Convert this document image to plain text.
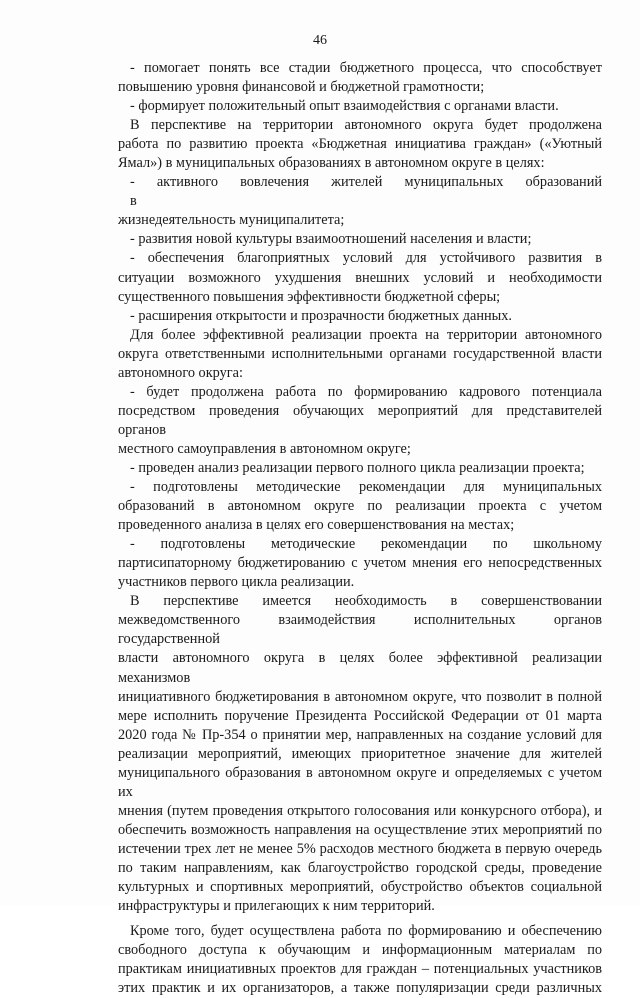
46
- помогает понять все стадии бюджетного процесса, что способствует
повышению уровня финансовой и бюджетной грамотности;
- формирует положительный опыт взаимодействия с органами власти.
В перспективе на территории автономного округа будет продолжена
работа по развитию проекта «Бюджетная инициатива граждан» («Уютный
Ямал») в муниципальных образованиях в автономном округе в целях:
- активного вовлечения жителей муниципальных образований в
жизнедеятельность муниципалитета;
- развития новой культуры взаимоотношений населения и власти;
- обеспечения благоприятных условий для устойчивого развития в
ситуации возможного ухудшения внешних условий и необходимости
существенного повышения эффективности бюджетной сферы;
- расширения открытости и прозрачности бюджетных данных.
Для более эффективной реализации проекта на территории автономного
округа ответственными исполнительными органами государственной власти
автономного округа:
- будет продолжена работа по формированию кадрового потенциала
посредством проведения обучающих мероприятий для представителей органов
местного самоуправления в автономном округе;
- проведен анализ реализации первого полного цикла реализации проекта;
- подготовлены методические рекомендации для муниципальных
образований в автономном округе по реализации проекта с учетом
проведенного анализа в целях его совершенствования на местах;
- подготовлены методические рекомендации по школьному
партисипаторному бюджетированию с учетом мнения его непосредственных
участников первого цикла реализации.
В перспективе имеется необходимость в совершенствовании
межведомственного взаимодействия исполнительных органов государственной
власти автономного округа в целях более эффективной реализации механизмов
инициативного бюджетирования в автономном округе, что позволит в полной
мере исполнить поручение Президента Российской Федерации от 01 марта
2020 года № Пр-354 о принятии мер, направленных на создание условий для
реализации мероприятий, имеющих приоритетное значение для жителей
муниципального образования в автономном округе и определяемых с учетом их
мнения (путем проведения открытого голосования или конкурсного отбора), и
обеспечить возможность направления на осуществление этих мероприятий по
истечении трех лет не менее 5% расходов местного бюджета в первую очередь
по таким направлениям, как благоустройство городской среды, проведение
культурных и спортивных мероприятий, обустройство объектов социальной
инфраструктуры и прилегающих к ним территорий.
Кроме того, будет осуществлена работа по формированию и обеспечению
свободного доступа к обучающим и информационным материалам по
практикам инициативных проектов для граждан – потенциальных участников
этих практик и их организаторов, а также популяризации среди различных
